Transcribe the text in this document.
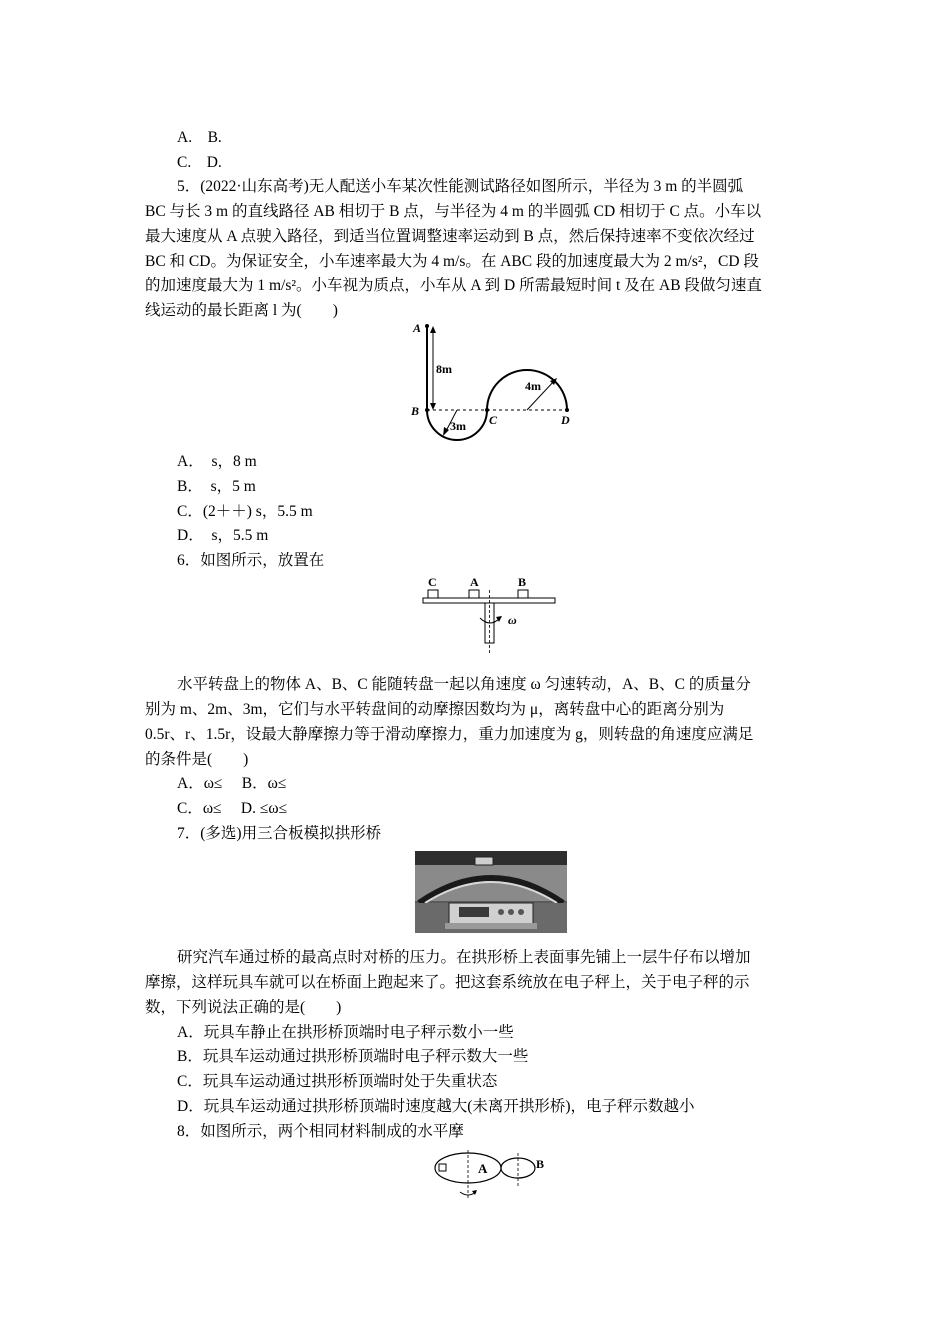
A.　B.
C.　D.
5．(2022·山东高考)无人配送小车某次性能测试路径如图所示，半径为 3 m 的半圆弧
BC 与长 3 m 的直线路径 AB 相切于 B 点，与半径为 4 m 的半圆弧 CD 相切于 C 点。小车以
最大速度从 A 点驶入路径，到适当位置调整速率运动到 B 点，然后保持速率不变依次经过
BC 和 CD。为保证安全，小车速率最大为 4 m/s。在 ABC 段的加速度最大为 2 m/s²，CD 段
的加速度最大为 1 m/s²。小车视为质点，小车从 A 到 D 所需最短时间 t 及在 AB 段做匀速直
线运动的最长距离 l 为(　　)
A
8m
B
3m C
4m
D
A．　s，8 m
B．　s，5 m
C．(2＋＋) s，5.5 m
D．　s，5.5 m
6．如图所示，放置在
C	A	B
ω
水平转盘上的物体 A、B、C 能随转盘一起以角速度 ω 匀速转动，A、B、C 的质量分
别为 m、2m、3m，它们与水平转盘间的动摩擦因数均为 μ，离转盘中心的距离分别为
0.5r、r、1.5r，设最大静摩擦力等于滑动摩擦力，重力加速度为 g，则转盘的角速度应满足
的条件是(　　)
A．ω≤　 B．ω≤
C．ω≤　 D. ≤ω≤
7．(多选)用三合板模拟拱形桥
研究汽车通过桥的最高点时对桥的压力。在拱形桥上表面事先铺上一层牛仔布以增加
摩擦，这样玩具车就可以在桥面上跑起来了。把这套系统放在电子秤上，关于电子秤的示
数，下列说法正确的是(　　)
A．玩具车静止在拱形桥顶端时电子秤示数小一些
B．玩具车运动通过拱形桥顶端时电子秤示数大一些
C．玩具车运动通过拱形桥顶端时处于失重状态
D．玩具车运动通过拱形桥顶端时速度越大(未离开拱形桥)，电子秤示数越小
8．如图所示，两个相同材料制成的水平摩
A	B
